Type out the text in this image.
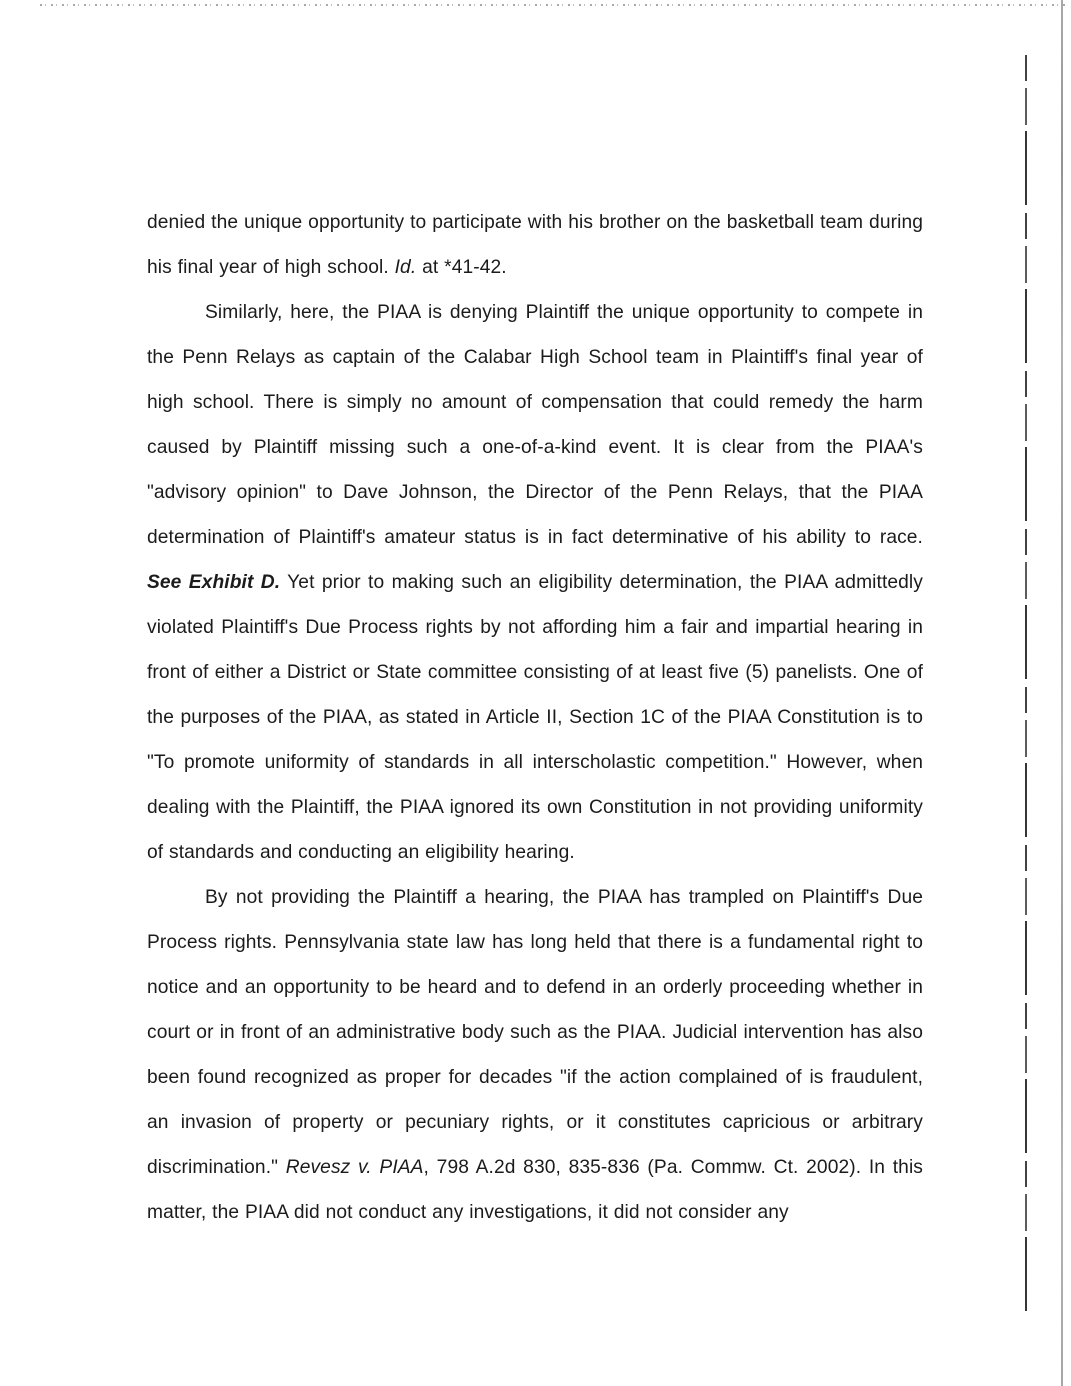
denied the unique opportunity to participate with his brother on the basketball team during his final year of high school. Id. at *41-42.

Similarly, here, the PIAA is denying Plaintiff the unique opportunity to compete in the Penn Relays as captain of the Calabar High School team in Plaintiff's final year of high school. There is simply no amount of compensation that could remedy the harm caused by Plaintiff missing such a one-of-a-kind event. It is clear from the PIAA's "advisory opinion" to Dave Johnson, the Director of the Penn Relays, that the PIAA determination of Plaintiff's amateur status is in fact determinative of his ability to race. See Exhibit D. Yet prior to making such an eligibility determination, the PIAA admittedly violated Plaintiff's Due Process rights by not affording him a fair and impartial hearing in front of either a District or State committee consisting of at least five (5) panelists. One of the purposes of the PIAA, as stated in Article II, Section 1C of the PIAA Constitution is to "To promote uniformity of standards in all interscholastic competition." However, when dealing with the Plaintiff, the PIAA ignored its own Constitution in not providing uniformity of standards and conducting an eligibility hearing.

By not providing the Plaintiff a hearing, the PIAA has trampled on Plaintiff's Due Process rights. Pennsylvania state law has long held that there is a fundamental right to notice and an opportunity to be heard and to defend in an orderly proceeding whether in court or in front of an administrative body such as the PIAA. Judicial intervention has also been found recognized as proper for decades "if the action complained of is fraudulent, an invasion of property or pecuniary rights, or it constitutes capricious or arbitrary discrimination." Revesz v. PIAA, 798 A.2d 830, 835-836 (Pa. Commw. Ct. 2002). In this matter, the PIAA did not conduct any investigations, it did not consider any
